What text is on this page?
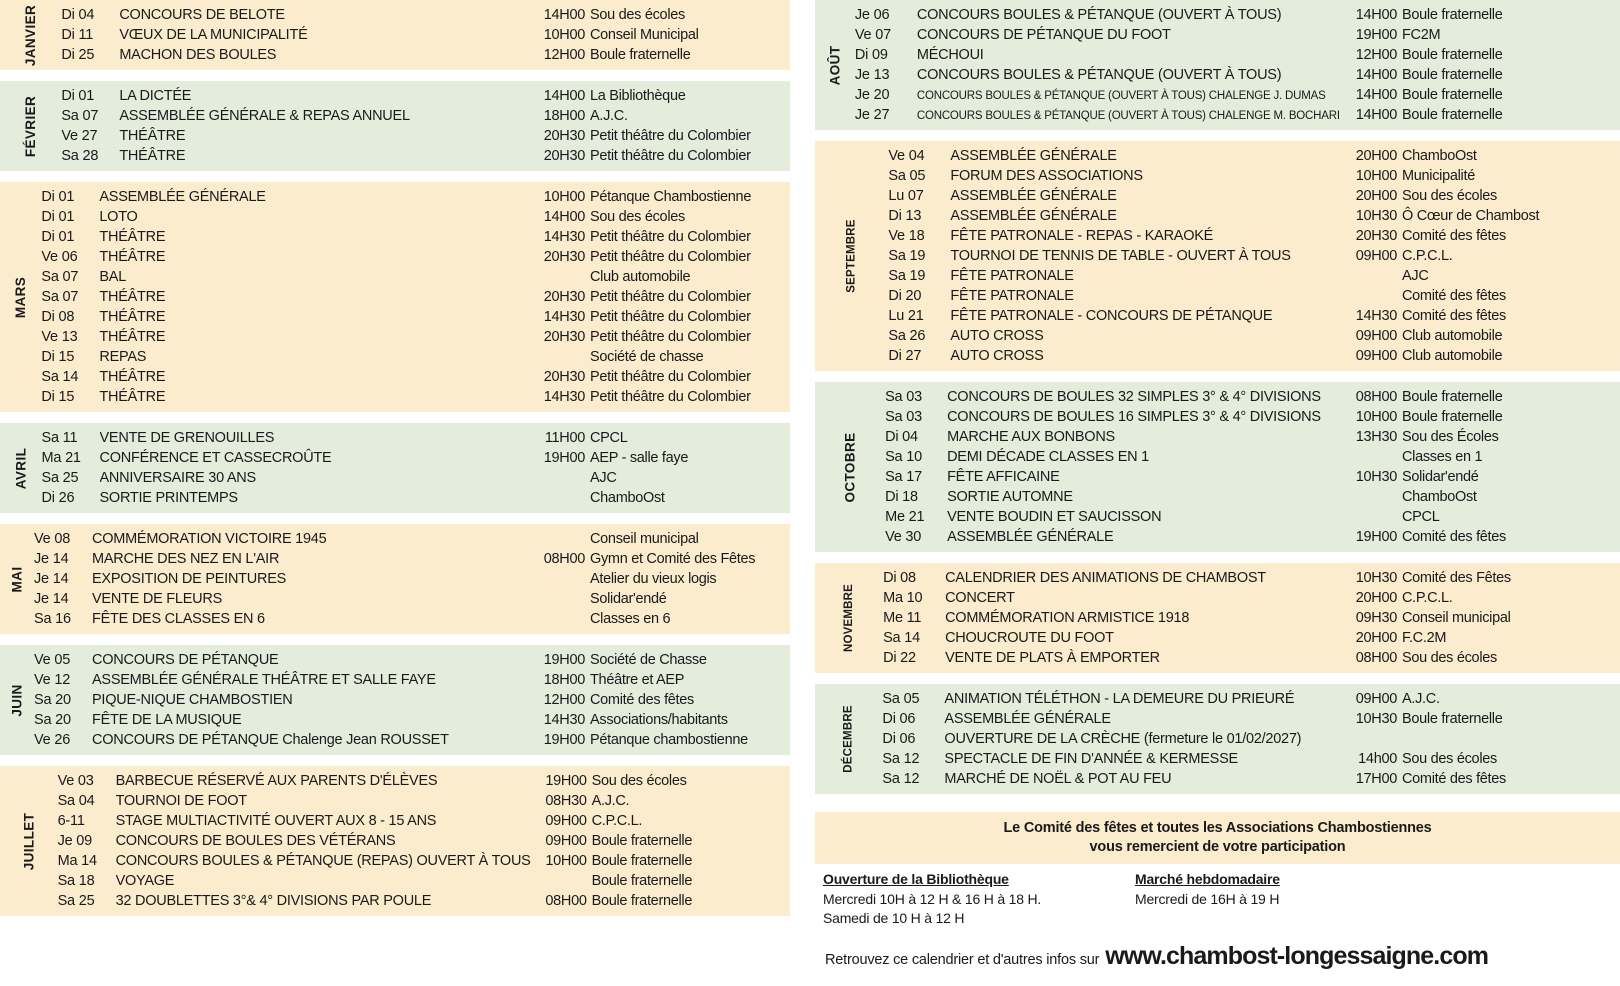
JANVIER Di 04	CONCOURS DE BELOTE	14H00 Sou des écoles
Di 11	VŒUX DE LA MUNICIPALITÉ	10H00 Conseil Municipal
Di 25	MACHON DES BOULES	12H00 Boule fraternelle
FÉVRIER Di 01	LA DICTÉE	14H00 La Bibliothèque
Sa 07	ASSEMBLÉE GÉNÉRALE & REPAS ANNUEL	18H00 A.J.C.
Ve 27	THÉÂTRE	20H30 Petit théâtre du Colombier
Sa 28	THÉÂTRE	20H30 Petit théâtre du Colombier
MARS
Di 01	ASSEMBLÉE GÉNÉRALE	10H00 Pétanque Chambostienne
Di 01	LOTO	14H00 Sou des écoles
Di 01	THÉÂTRE	14H30 Petit théâtre du Colombier
Ve 06	THÉÂTRE	20H30 Petit théâtre du Colombier
Sa 07	BAL	Club automobile
Sa 07	THÉÂTRE	20H30 Petit théâtre du Colombier
Di 08	THÉÂTRE	14H30 Petit théâtre du Colombier
Ve 13	THÉÂTRE	20H30 Petit théâtre du Colombier
Di 15	REPAS	Société de chasse
Sa 14	THÉÂTRE	20H30 Petit théâtre du Colombier
Di 15	THÉÂTRE	14H30 Petit théâtre du Colombier
AVRIL
Sa 11	VENTE DE GRENOUILLES	11H00 CPCL
Ma 21	CONFÉRENCE ET CASSECROÛTE	19H00 AEP - salle faye
Sa 25	ANNIVERSAIRE 30 ANS	AJC
Di 26	SORTIE PRINTEMPS	ChamboOst
MAI
Ve 08	COMMÉMORATION VICTOIRE 1945	Conseil municipal
Je 14	MARCHE DES NEZ EN L'AIR	08H00 Gymn et Comité des Fêtes
Je 14	EXPOSITION DE PEINTURES	Atelier du vieux logis
Je 14	VENTE DE FLEURS	Solidar'endé
Sa 16	FÊTE DES CLASSES EN 6	Classes en 6
JUIN
Ve 05	CONCOURS DE PÉTANQUE	19H00 Société de Chasse
Ve 12	ASSEMBLÉE GÉNÉRALE THÉÂTRE ET SALLE FAYE	18H00 Théâtre et AEP
Sa 20	PIQUE-NIQUE CHAMBOSTIEN	12H00 Comité des fêtes
Sa 20	FÊTE DE LA MUSIQUE	14H30 Associations/habitants
Ve 26	CONCOURS DE PÉTANQUE Chalenge Jean ROUSSET	19H00 Pétanque chambostienne
JUILLET
Ve 03	BARBECUE RÉSERVÉ AUX PARENTS D'ÉLÈVES	19H00 Sou des écoles
Sa 04	TOURNOI DE FOOT	08H30 A.J.C.
6-11	STAGE MULTIACTIVITÉ OUVERT AUX 8 - 15 ANS	09H00 C.P.C.L.
Je 09	CONCOURS DE BOULES DES VÉTÉRANS	09H00 Boule fraternelle
Ma 14	CONCOURS BOULES & PÉTANQUE (REPAS) OUVERT À TOUS	10H00 Boule fraternelle
Sa 18	VOYAGE	Boule fraternelle
Sa 25	32 DOUBLETTES 3°& 4° DIVISIONS PAR POULE	08H00 Boule fraternelle
AOÛT
Je 06	CONCOURS BOULES & PÉTANQUE (OUVERT À TOUS)	14H00 Boule fraternelle
Ve 07	CONCOURS DE PÉTANQUE DU FOOT	19H00 FC2M
Di 09	MÉCHOUI	12H00 Boule fraternelle
Je 13	CONCOURS BOULES & PÉTANQUE (OUVERT À TOUS)	14H00 Boule fraternelle
Je 20	CONCOURS BOULES & PÉTANQUE (OUVERT À TOUS) CHALENGE J. DUMAS	14H00 Boule fraternelle
Je 27	CONCOURS BOULES & PÉTANQUE (OUVERT À TOUS) CHALENGE M. BOCHARI	14H00 Boule fraternelle
SEPTEMBRE
Ve 04	ASSEMBLÉE GÉNÉRALE	20H00 ChamboOst
Sa 05	FORUM DES ASSOCIATIONS	10H00 Municipalité
Lu 07	ASSEMBLÉE GÉNÉRALE	20H00 Sou des écoles
Di 13	ASSEMBLÉE GÉNÉRALE	10H30 Ô Cœur de Chambost
Ve 18	FÊTE PATRONALE - REPAS - KARAOKÉ	20H30 Comité des fêtes
Sa 19	TOURNOI DE TENNIS DE TABLE - OUVERT À TOUS	09H00 C.P.C.L.
Sa 19	FÊTE PATRONALE	AJC
Di 20	FÊTE PATRONALE	Comité des fêtes
Lu 21	FÊTE PATRONALE - CONCOURS DE PÉTANQUE	14H30 Comité des fêtes
Sa 26	AUTO CROSS	09H00 Club automobile
Di 27	AUTO CROSS	09H00 Club automobile
OCTOBRE
Sa 03	CONCOURS DE BOULES 32 SIMPLES 3° & 4° DIVISIONS	08H00 Boule fraternelle
Sa 03	CONCOURS DE BOULES 16 SIMPLES 3° & 4° DIVISIONS	10H00 Boule fraternelle
Di 04	MARCHE AUX BONBONS	13H30 Sou des Écoles
Sa 10	DEMI DÉCADE CLASSES EN 1	Classes en 1
Sa 17	FÊTE AFFICAINE	10H30 Solidar'endé
Di 18	SORTIE AUTOMNE	ChamboOst
Me 21	VENTE BOUDIN ET SAUCISSON	CPCL
Ve 30	ASSEMBLÉE GÉNÉRALE	19H00 Comité des fêtes
NOVEMBRE
Di 08	CALENDRIER DES ANIMATIONS DE CHAMBOST	10H30 Comité des Fêtes
Ma 10	CONCERT	20H00 C.P.C.L.
Me 11	COMMÉMORATION ARMISTICE 1918	09H30 Conseil municipal
Sa 14	CHOUCROUTE DU FOOT	20H00 F.C.2M
Di 22	VENTE DE PLATS À EMPORTER	08H00 Sou des écoles
DÉCEMBRE
Sa 05	ANIMATION TÉLÉTHON - LA DEMEURE DU PRIEURÉ	09H00 A.J.C.
Di 06	ASSEMBLÉE GÉNÉRALE	10H30 Boule fraternelle
Di 06	OUVERTURE DE LA CRÈCHE (fermeture le 01/02/2027)
Sa 12	SPECTACLE DE FIN D'ANNÉE & KERMESSE	14h00 Sou des écoles
Sa 12	MARCHÉ DE NOËL & POT AU FEU	17H00 Comité des fêtes
Le Comité des fêtes et toutes les Associations Chambostiennes
vous remercient de votre participation
Ouverture de la Bibliothèque
Mercredi 10H à 12 H & 16 H à 18 H.
Samedi de 10 H à 12 H
Marché hebdomadaire
Mercredi de 16H à 19 H
Retrouvez ce calendrier et d'autres infos sur www.chambost-longessaigne.com
